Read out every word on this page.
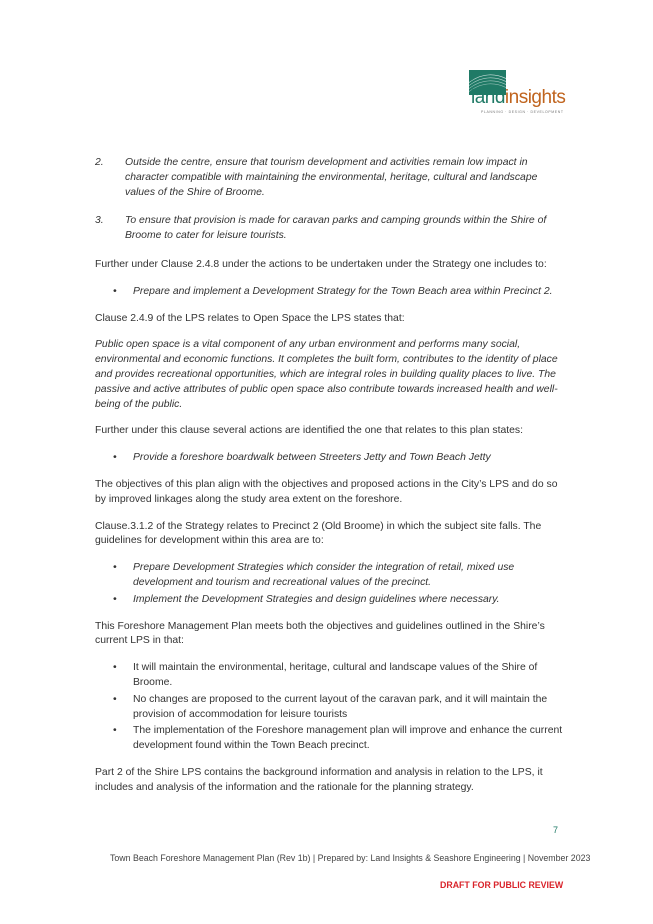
landinsights
PLANNING · DESIGN · DEVELOPMENT
2.	Outside the centre, ensure that tourism development and activities remain low impact in character compatible with maintaining the environmental, heritage, cultural and landscape values of the Shire of Broome.
3.	To ensure that provision is made for caravan parks and camping grounds within the Shire of Broome to cater for leisure tourists.

Further under Clause 2.4.8 under the actions to be undertaken under the Strategy one includes to:

• Prepare and implement a Development Strategy for the Town Beach area within Precinct 2.

Clause 2.4.9 of the LPS relates to Open Space the LPS states that:

Public open space is a vital component of any urban environment and performs many social, environmental and economic functions. It completes the built form, contributes to the identity of place and provides recreational opportunities, which are integral roles in building quality places to live. The passive and active attributes of public open space also contribute towards increased health and well-being of the public.

Further under this clause several actions are identified the one that relates to this plan states:

• Provide a foreshore boardwalk between Streeters Jetty and Town Beach Jetty

The objectives of this plan align with the objectives and proposed actions in the City’s LPS and do so by improved linkages along the study area extent on the foreshore.

Clause.3.1.2 of the Strategy relates to Precinct 2 (Old Broome) in which the subject site falls. The guidelines for development within this area are to:

• Prepare Development Strategies which consider the integration of retail, mixed use development and tourism and recreational values of the precinct.
• Implement the Development Strategies and design guidelines where necessary.

This Foreshore Management Plan meets both the objectives and guidelines outlined in the Shire’s current LPS in that:

• It will maintain the environmental, heritage, cultural and landscape values of the Shire of Broome.
• No changes are proposed to the current layout of the caravan park, and it will maintain the provision of accommodation for leisure tourists
• The implementation of the Foreshore management plan will improve and enhance the current development found within the Town Beach precinct.

Part 2 of the Shire LPS contains the background information and analysis in relation to the LPS, it includes and analysis of the information and the rationale for the planning strategy.

7
Town Beach Foreshore Management Plan (Rev 1b) | Prepared by: Land Insights & Seashore Engineering | November 2023
DRAFT FOR PUBLIC REVIEW
